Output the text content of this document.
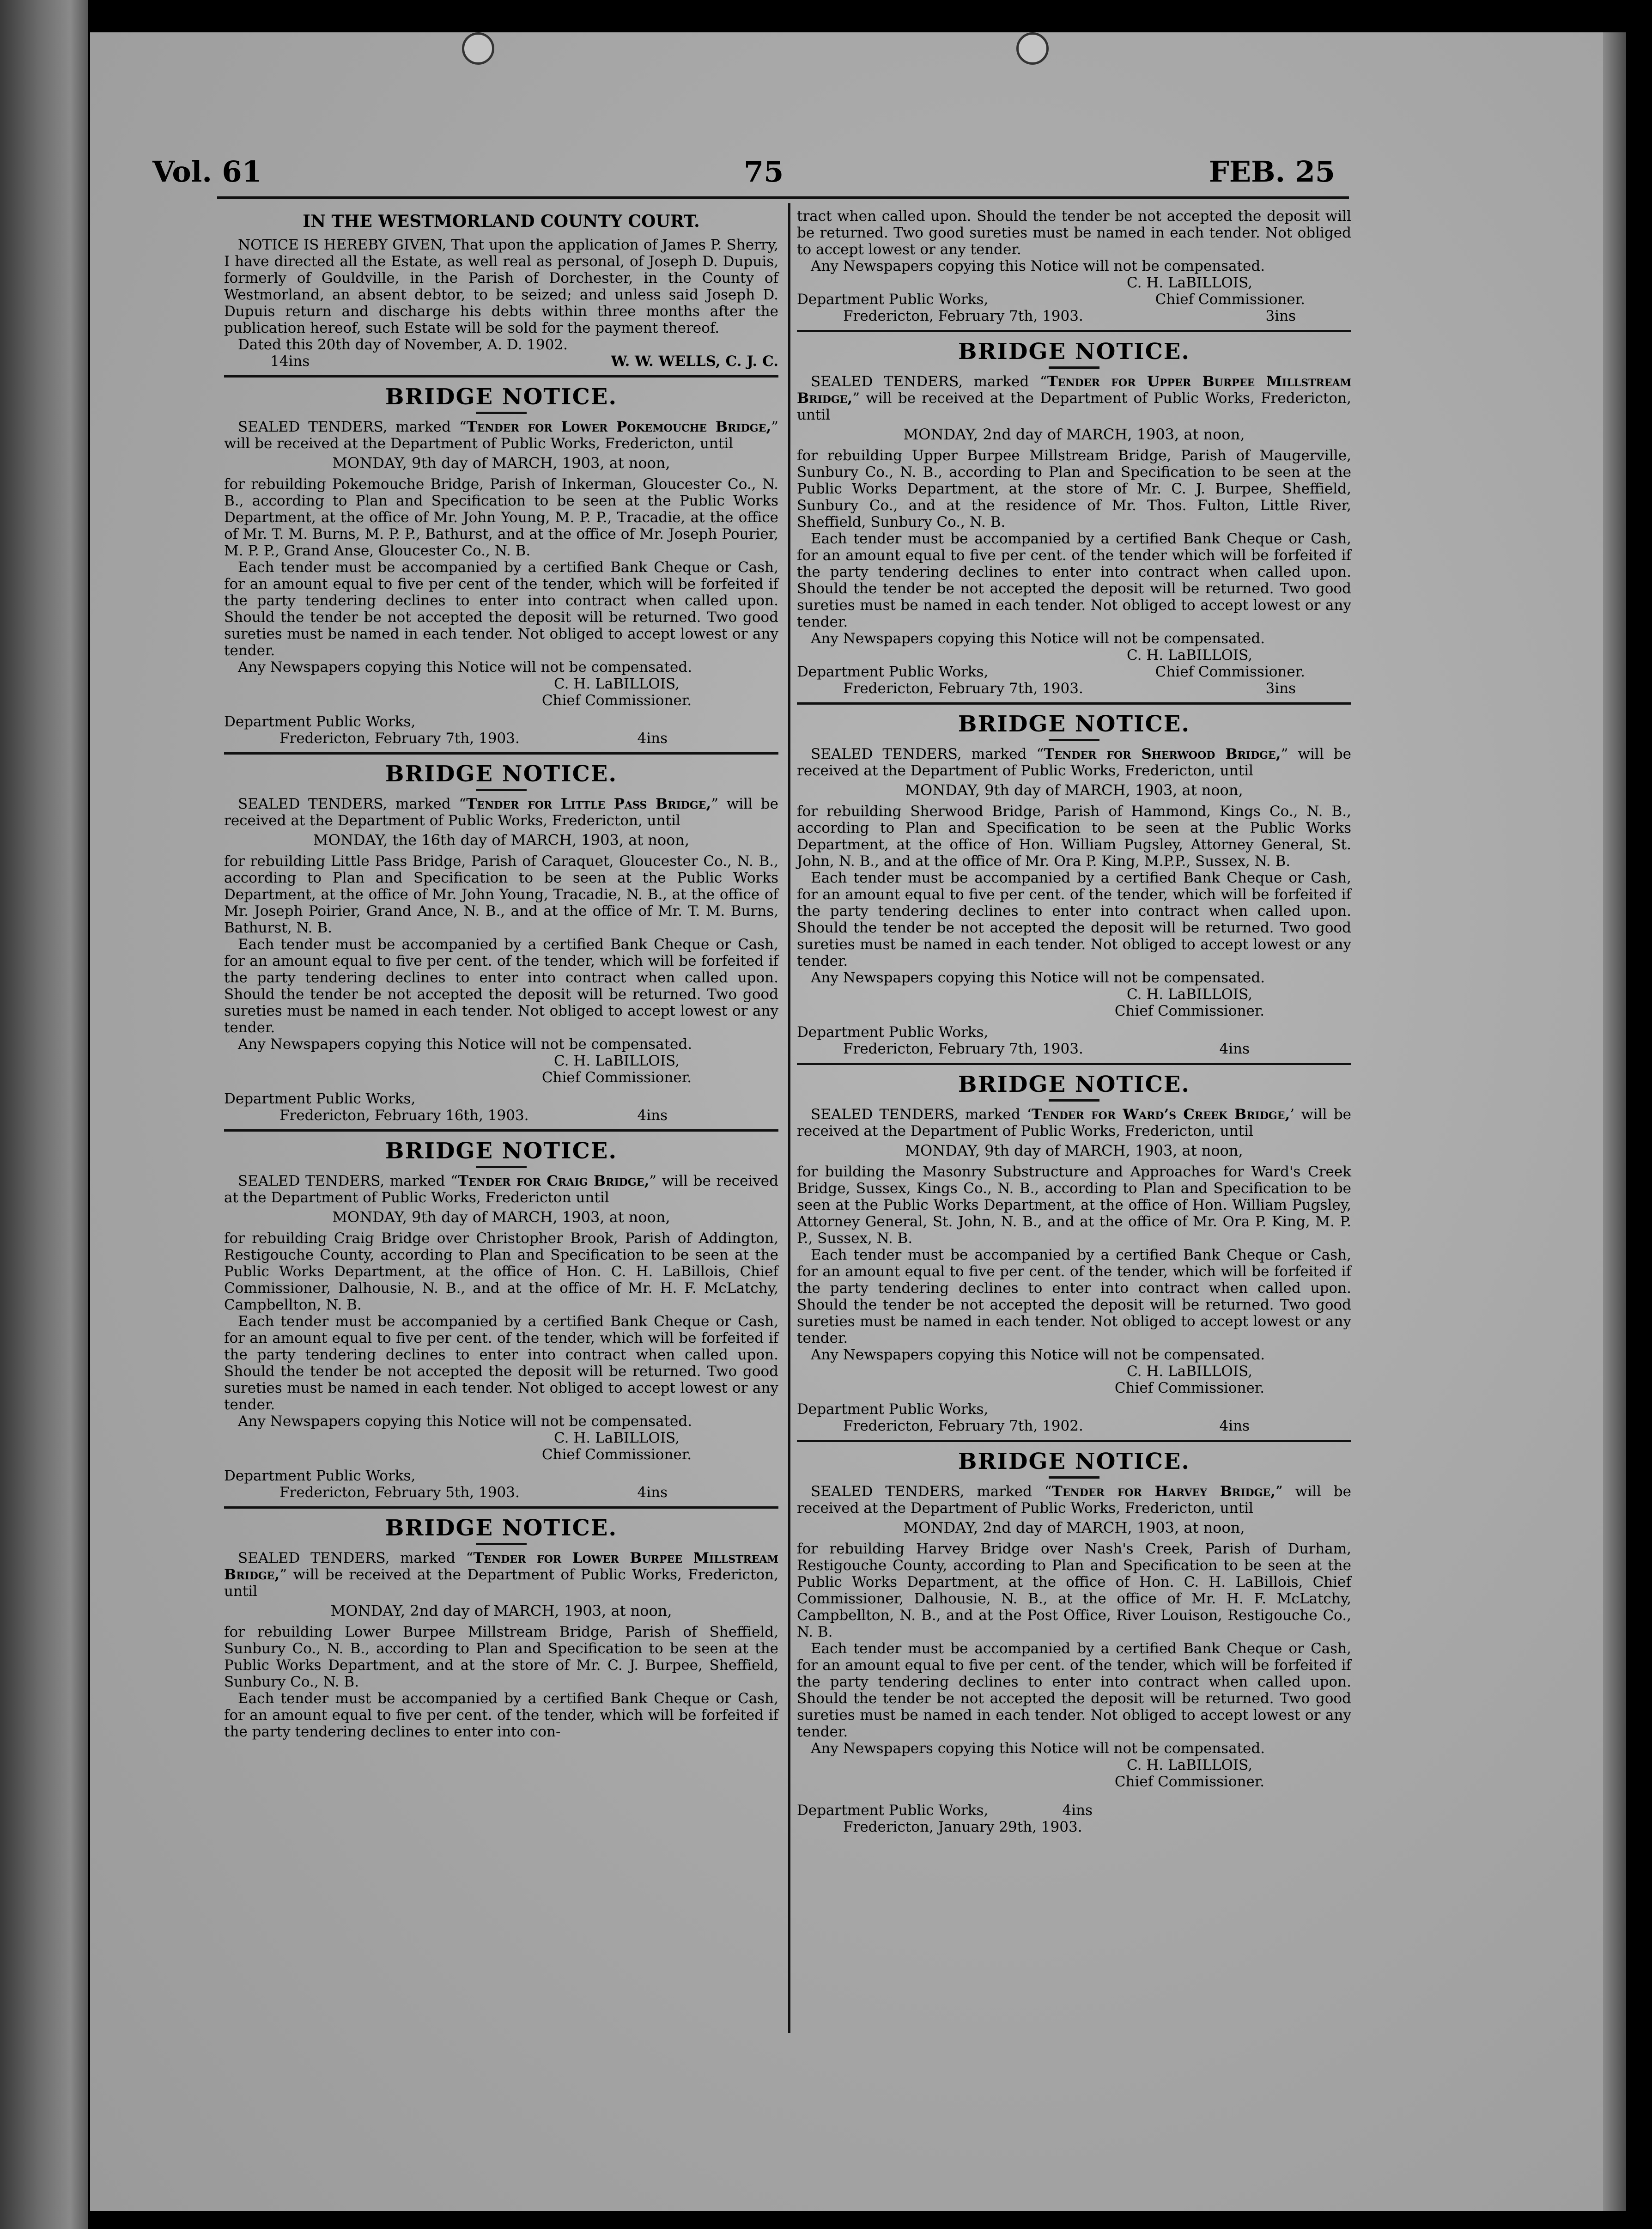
Vol. 61	75	FEB. 25
IN THE WESTMORLAND COUNTY COURT.

NOTICE IS HEREBY GIVEN, That upon the application of James P. Sherry, I have directed all the Estate, as well real as personal, of Joseph D. Dupuis, formerly of Gouldville, in the Parish of Dorchester, in the County of Westmorland, an absent debtor, to be seized; and unless said Joseph D. Dupuis return and discharge his debts within three months after the publication hereof, such Estate will be sold for the payment thereof.

Dated this 20th day of November, A. D. 1902.

14ins	W. W. WELLS, C. J. C.
BRIDGE NOTICE.

SEALED TENDERS, marked “Tender for Lower Pokemouche Bridge,” will be received at the Department of Public Works, Fredericton, until

MONDAY, 9th day of MARCH, 1903, at noon,

for rebuilding Pokemouche Bridge, Parish of Inkerman, Gloucester Co., N. B., according to Plan and Specification to be seen at the Public Works Department, at the office of Mr. John Young, M. P. P., Tracadie, at the office of Mr. T. M. Burns, M. P. P., Bathurst, and at the office of Mr. Joseph Pourier, M. P. P., Grand Anse, Gloucester Co., N. B.

Each tender must be accompanied by a certified Bank Cheque or Cash, for an amount equal to five per cent of the tender, which will be forfeited if the party tendering declines to enter into contract when called upon. Should the tender be not accepted the deposit will be returned. Two good sureties must be named in each tender. Not obliged to accept lowest or any tender.

Any Newspapers copying this Notice will not be compensated.

C. H. LaBILLOIS,
Chief Commissioner.
Department Public Works,
Fredericton, February 7th, 1903.	4ins
BRIDGE NOTICE.

SEALED TENDERS, marked “Tender for Little Pass Bridge,” will be received at the Department of Public Works, Fredericton, until

MONDAY, the 16th day of MARCH, 1903, at noon,

for rebuilding Little Pass Bridge, Parish of Caraquet, Gloucester Co., N. B., according to Plan and Specification to be seen at the Public Works Department, at the office of Mr. John Young, Tracadie, N. B., at the office of Mr. Joseph Poirier, Grand Ance, N. B., and at the office of Mr. T. M. Burns, Bathurst, N. B.

Each tender must be accompanied by a certified Bank Cheque or Cash, for an amount equal to five per cent. of the tender, which will be forfeited if the party tendering declines to enter into contract when called upon. Should the tender be not accepted the deposit will be returned. Two good sureties must be named in each tender. Not obliged to accept lowest or any tender.

Any Newspapers copying this Notice will not be compensated.

C. H. LaBILLOIS,
Chief Commissioner.
Department Public Works,
Fredericton, February 16th, 1903.	4ins
BRIDGE NOTICE.

SEALED TENDERS, marked “Tender for Craig Bridge,” will be received at the Department of Public Works, Fredericton until

MONDAY, 9th day of MARCH, 1903, at noon,

for rebuilding Craig Bridge over Christopher Brook, Parish of Addington, Restigouche County, according to Plan and Specification to be seen at the Public Works Department, at the office of Hon. C. H. LaBillois, Chief Commissioner, Dalhousie, N. B., and at the office of Mr. H. F. McLatchy, Campbellton, N. B.

Each tender must be accompanied by a certified Bank Cheque or Cash, for an amount equal to five per cent. of the tender, which will be forfeited if the party tendering declines to enter into contract when called upon. Should the tender be not accepted the deposit will be returned. Two good sureties must be named in each tender. Not obliged to accept lowest or any tender.

Any Newspapers copying this Notice will not be compensated.

C. H. LaBILLOIS,
Chief Commissioner.
Department Public Works,
Fredericton, February 5th, 1903.	4ins
BRIDGE NOTICE.

SEALED TENDERS, marked “Tender for Lower Burpee Millstream Bridge,” will be received at the Department of Public Works, Fredericton, until

MONDAY, 2nd day of MARCH, 1903, at noon,

for rebuilding Lower Burpee Millstream Bridge, Parish of Sheffield, Sunbury Co., N. B., according to Plan and Specification to be seen at the Public Works Department, and at the store of Mr. C. J. Burpee, Sheffield, Sunbury Co., N. B.

Each tender must be accompanied by a certified Bank Cheque or Cash, for an amount equal to five per cent. of the tender, which will be forfeited if the party tendering declines to enter into con-

tract when called upon. Should the tender be not accepted the deposit will be returned. Two good sureties must be named in each tender. Not obliged to accept lowest or any tender.

Any Newspapers copying this Notice will not be compensated.

C. H. LaBILLOIS,
Department Public Works,	Chief Commissioner.
Fredericton, February 7th, 1903.	3ins
BRIDGE NOTICE.

SEALED TENDERS, marked “Tender for Upper Burpee Millstream Bridge,” will be received at the Department of Public Works, Fredericton, until

MONDAY, 2nd day of MARCH, 1903, at noon,

for rebuilding Upper Burpee Millstream Bridge, Parish of Maugerville, Sunbury Co., N. B., according to Plan and Specification to be seen at the Public Works Department, at the store of Mr. C. J. Burpee, Sheffield, Sunbury Co., and at the residence of Mr. Thos. Fulton, Little River, Sheffield, Sunbury Co., N. B.

Each tender must be accompanied by a certified Bank Cheque or Cash, for an amount equal to five per cent. of the tender which will be forfeited if the party tendering declines to enter into contract when called upon. Should the tender be not accepted the deposit will be returned. Two good sureties must be named in each tender. Not obliged to accept lowest or any tender.

Any Newspapers copying this Notice will not be compensated.

C. H. LaBILLOIS,
Department Public Works,	Chief Commissioner.
Fredericton, February 7th, 1903.	3ins
BRIDGE NOTICE.

SEALED TENDERS, marked “Tender for Sherwood Bridge,” will be received at the Department of Public Works, Fredericton, until

MONDAY, 9th day of MARCH, 1903, at noon,

for rebuilding Sherwood Bridge, Parish of Hammond, Kings Co., N. B., according to Plan and Specification to be seen at the Public Works Department, at the office of Hon. William Pugsley, Attorney General, St. John, N. B., and at the office of Mr. Ora P. King, M.P.P., Sussex, N. B.

Each tender must be accompanied by a certified Bank Cheque or Cash, for an amount equal to five per cent. of the tender, which will be forfeited if the party tendering declines to enter into contract when called upon. Should the tender be not accepted the deposit will be returned. Two good sureties must be named in each tender. Not obliged to accept lowest or any tender.

Any Newspapers copying this Notice will not be compensated.

C. H. LaBILLOIS,
Chief Commissioner.
Department Public Works,
Fredericton, February 7th, 1903.	4ins
BRIDGE NOTICE.

SEALED TENDERS, marked ‘Tender for Ward’s Creek Bridge,’ will be received at the Department of Public Works, Fredericton, until

MONDAY, 9th day of MARCH, 1903, at noon,

for building the Masonry Substructure and Approaches for Ward's Creek Bridge, Sussex, Kings Co., N. B., according to Plan and Specification to be seen at the Public Works Department, at the office of Hon. William Pugsley, Attorney General, St. John, N. B., and at the office of Mr. Ora P. King, M. P. P., Sussex, N. B.

Each tender must be accompanied by a certified Bank Cheque or Cash, for an amount equal to five per cent. of the tender, which will be forfeited if the party tendering declines to enter into contract when called upon. Should the tender be not accepted the deposit will be returned. Two good sureties must be named in each tender. Not obliged to accept lowest or any tender.

Any Newspapers copying this Notice will not be compensated.

C. H. LaBILLOIS,
Chief Commissioner.
Department Public Works,
Fredericton, February 7th, 1902.	4ins
BRIDGE NOTICE.

SEALED TENDERS, marked “Tender for Harvey Bridge,” will be received at the Department of Public Works, Fredericton, until

MONDAY, 2nd day of MARCH, 1903, at noon,

for rebuilding Harvey Bridge over Nash's Creek, Parish of Durham, Restigouche County, according to Plan and Specification to be seen at the Public Works Department, at the office of Hon. C. H. LaBillois, Chief Commissioner, Dalhousie, N. B., at the office of Mr. H. F. McLatchy, Campbellton, N. B., and at the Post Office, River Louison, Restigouche Co., N. B.

Each tender must be accompanied by a certified Bank Cheque or Cash, for an amount equal to five per cent. of the tender, which will be forfeited if the party tendering declines to enter into contract when called upon. Should the tender be not accepted the deposit will be returned. Two good sureties must be named in each tender. Not obliged to accept lowest or any tender.

Any Newspapers copying this Notice will not be compensated.

C. H. LaBILLOIS,
Chief Commissioner.
Department Public Works,	4ins
Fredericton, January 29th, 1903.
